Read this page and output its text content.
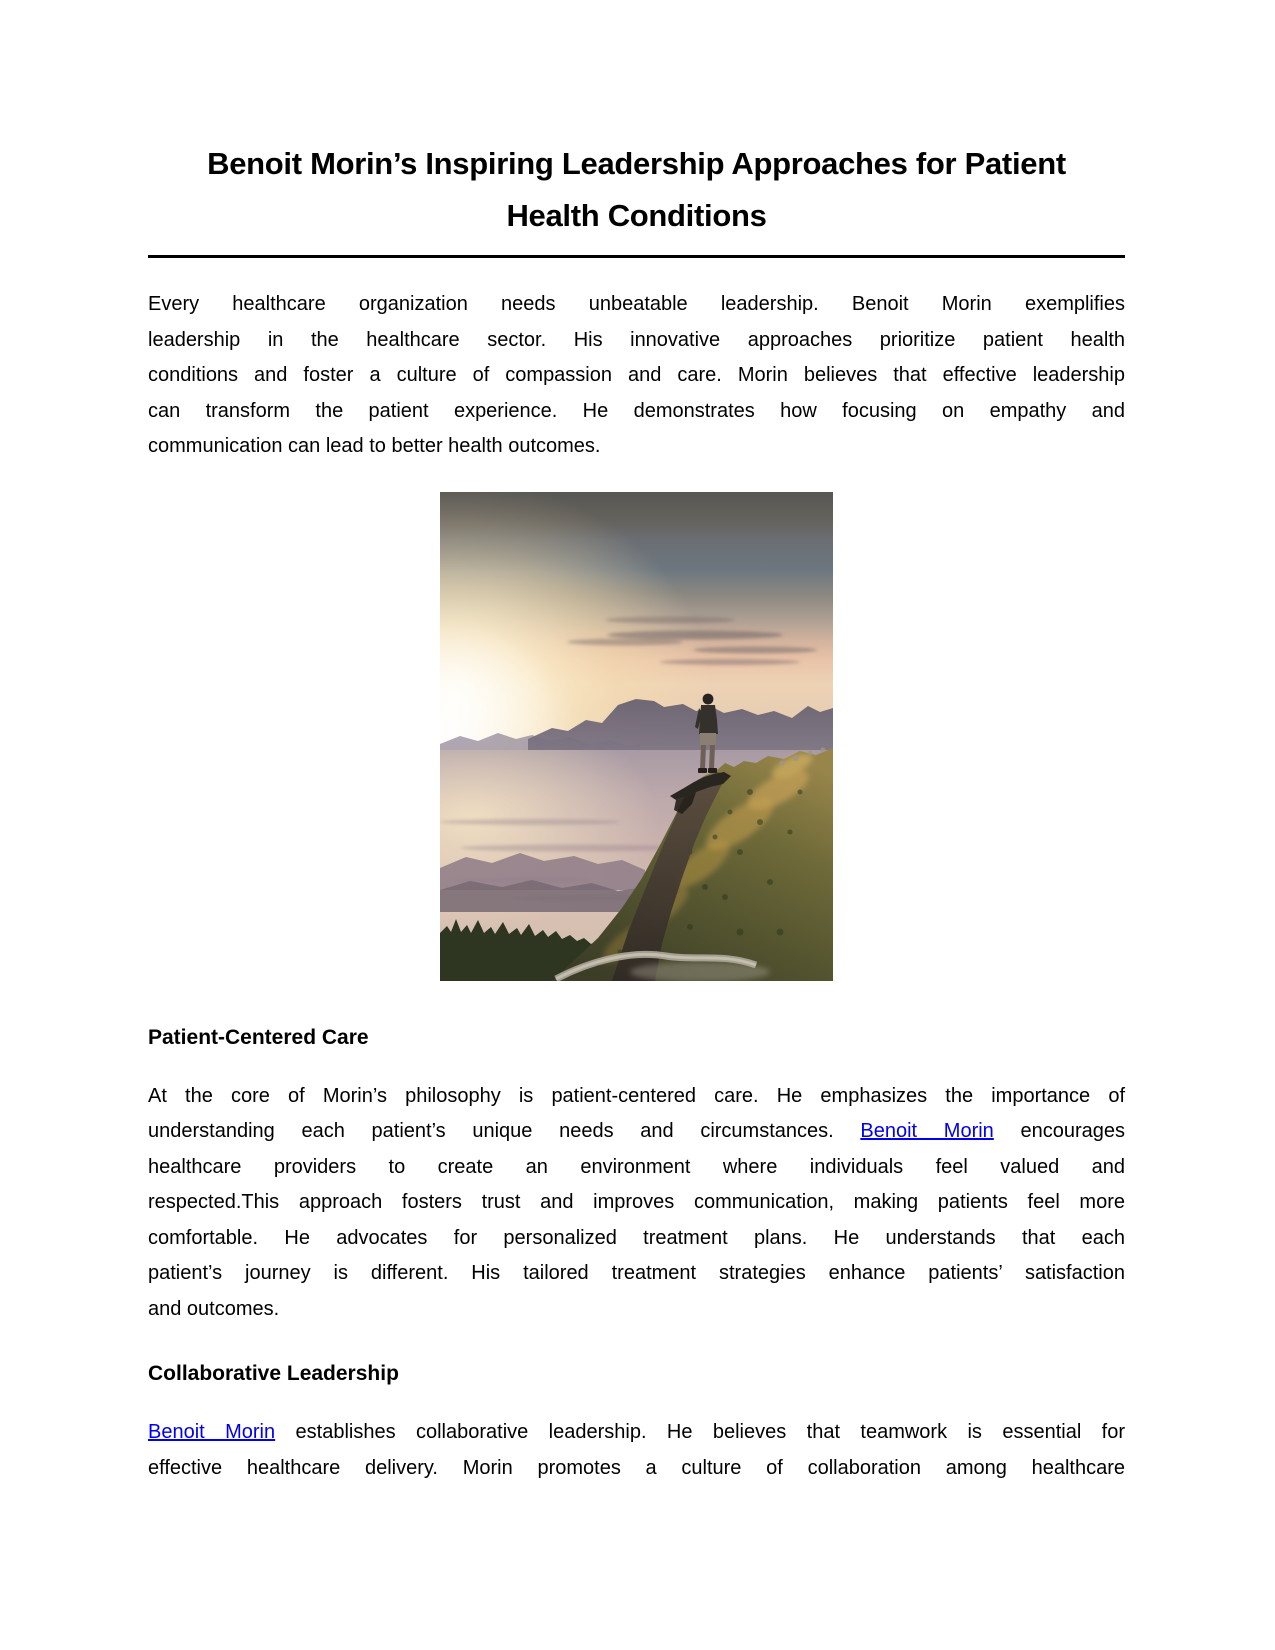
Benoit Morin’s Inspiring Leadership Approaches for Patient
Health Conditions

Every healthcare organization needs unbeatable leadership. Benoit Morin exemplifies
leadership in the healthcare sector. His innovative approaches prioritize patient health
conditions and foster a culture of compassion and care. Morin believes that effective leadership
can transform the patient experience. He demonstrates how focusing on empathy and
communication can lead to better health outcomes.

Patient-Centered Care

At the core of Morin’s philosophy is patient-centered care. He emphasizes the importance of
understanding each patient’s unique needs and circumstances. Benoit Morin encourages
healthcare providers to create an environment where individuals feel valued and
respected.This approach fosters trust and improves communication, making patients feel more
comfortable. He advocates for personalized treatment plans. He understands that each
patient’s journey is different. His tailored treatment strategies enhance patients’ satisfaction
and outcomes.

Collaborative Leadership

Benoit Morin establishes collaborative leadership. He believes that teamwork is essential for
effective healthcare delivery. Morin promotes a culture of collaboration among healthcare
